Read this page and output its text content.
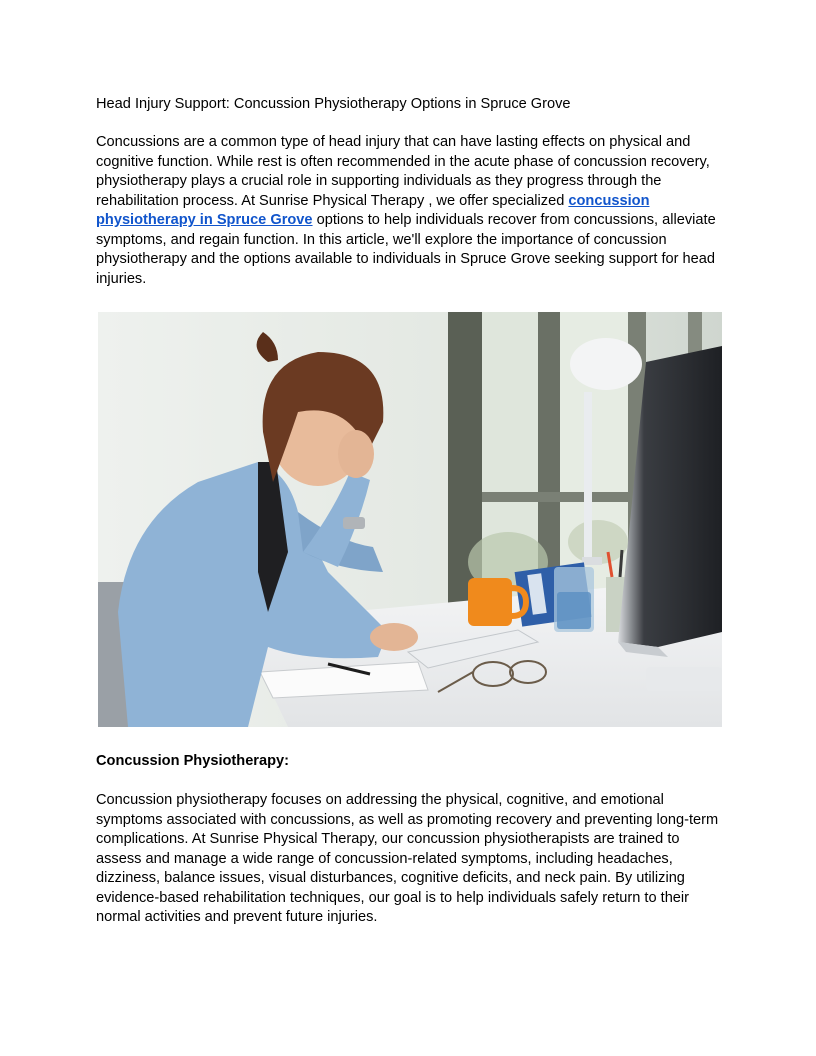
Head Injury Support: Concussion Physiotherapy Options in Spruce Grove

Concussions are a common type of head injury that can have lasting effects on physical and cognitive function. While rest is often recommended in the acute phase of concussion recovery, physiotherapy plays a crucial role in supporting individuals as they progress through the rehabilitation process. At Sunrise Physical Therapy , we offer specialized concussion physiotherapy in Spruce Grove options to help individuals recover from concussions, alleviate symptoms, and regain function. In this article, we'll explore the importance of concussion physiotherapy and the options available to individuals in Spruce Grove seeking support for head injuries.

Concussion Physiotherapy:

Concussion physiotherapy focuses on addressing the physical, cognitive, and emotional symptoms associated with concussions, as well as promoting recovery and preventing long-term complications. At Sunrise Physical Therapy, our concussion physiotherapists are trained to assess and manage a wide range of concussion-related symptoms, including headaches, dizziness, balance issues, visual disturbances, cognitive deficits, and neck pain. By utilizing evidence-based rehabilitation techniques, our goal is to help individuals safely return to their normal activities and prevent future injuries.
